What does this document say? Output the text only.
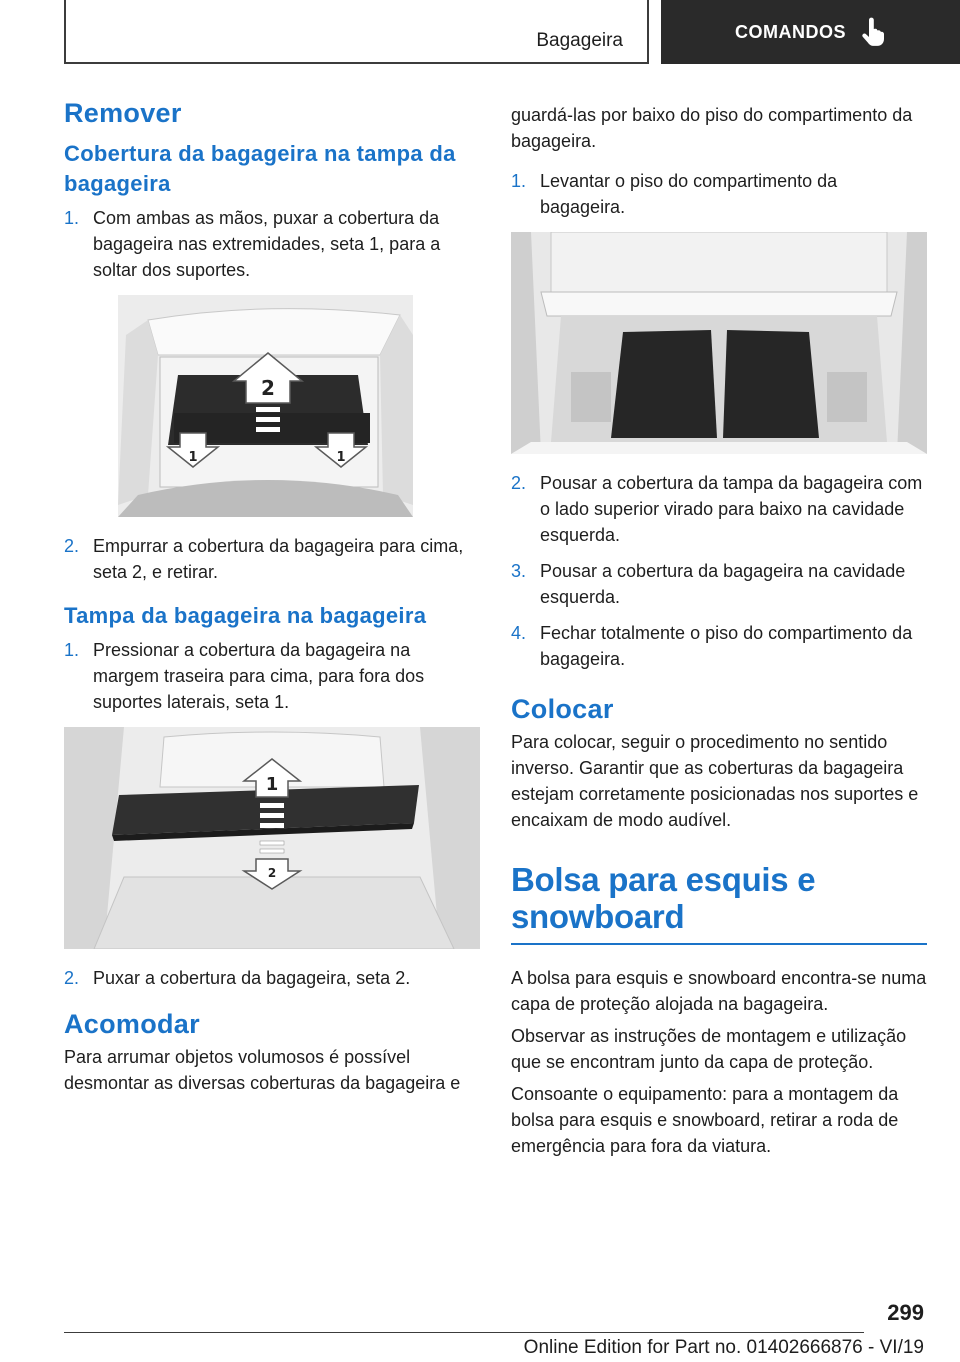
Bagageira	COMANDOS
Remover
Cobertura da bagageira na tampa da bagageira
1. Com ambas as mãos, puxar a cobertura da bagageira nas extremidades, seta 1, para a soltar dos suportes.
2
1	1
2. Empurrar a cobertura da bagageira para cima, seta 2, e retirar.
Tampa da bagageira na bagageira
1. Pressionar a cobertura da bagageira na margem traseira para cima, para fora dos suportes laterais, seta 1.
1
2
2. Puxar a cobertura da bagageira, seta 2.
Acomodar

Para arrumar objetos volumosos é possível desmontar as diversas coberturas da bagageira e

guardá-las por baixo do piso do compartimento da bagageira.

1. Levantar o piso do compartimento da bagageira.
2. Pousar a cobertura da tampa da bagageira com o lado superior virado para baixo na cavidade esquerda.
3. Pousar a cobertura da bagageira na cavidade esquerda.
4. Fechar totalmente o piso do compartimento da bagageira.
Colocar

Para colocar, seguir o procedimento no sentido inverso. Garantir que as coberturas da bagageira estejam corretamente posicionadas nos suportes e encaixam de modo audível.

Bolsa para esquis e snowboard

A bolsa para esquis e snowboard encontra-se numa capa de proteção alojada na bagageira.

Observar as instruções de montagem e utilização que se encontram junto da capa de proteção.

Consoante o equipamento: para a montagem da bolsa para esquis e snowboard, retirar a roda de emergência para fora da viatura.

299
Online Edition for Part no. 01402666876 - VI/19
